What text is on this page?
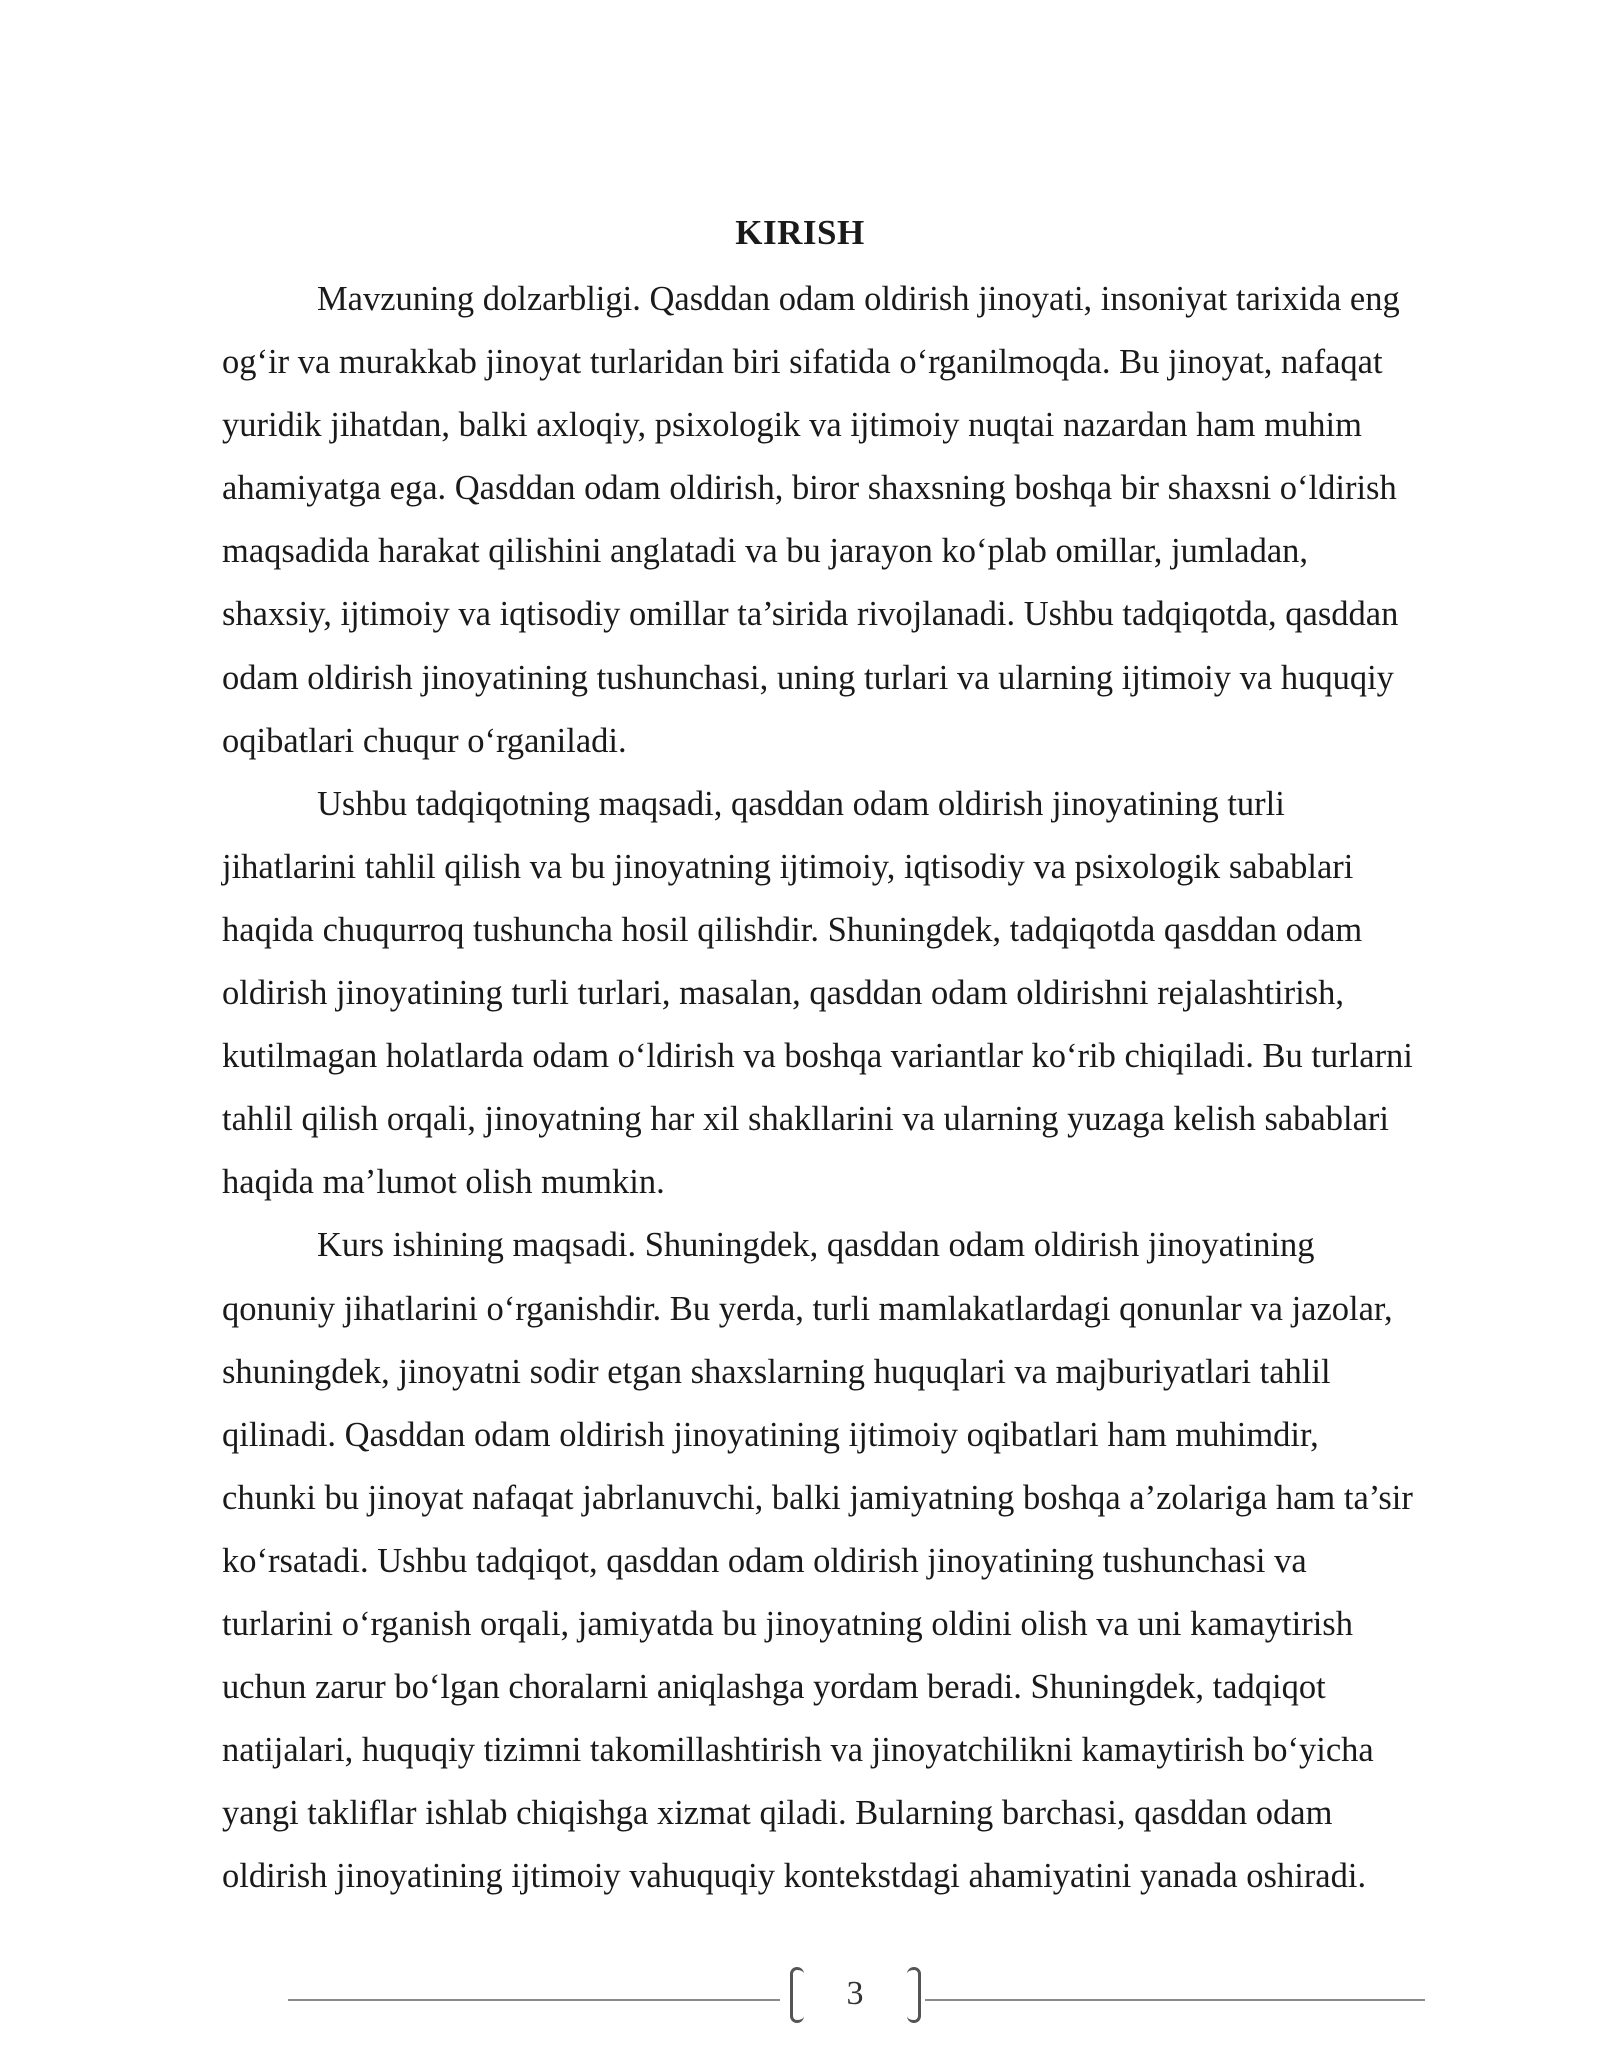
KIRISH

Mavzuning dolzarbligi. Qasddan odam oldirish jinoyati, insoniyat tarixida eng
og‘ir va murakkab jinoyat turlaridan biri sifatida o‘rganilmoqda. Bu jinoyat, nafaqat
yuridik jihatdan, balki axloqiy, psixologik va ijtimoiy nuqtai nazardan ham muhim
ahamiyatga ega. Qasddan odam oldirish, biror shaxsning boshqa bir shaxsni o‘ldirish
maqsadida harakat qilishini anglatadi va bu jarayon ko‘plab omillar, jumladan,
shaxsiy, ijtimoiy va iqtisodiy omillar ta’sirida rivojlanadi. Ushbu tadqiqotda, qasddan
odam oldirish jinoyatining tushunchasi, uning turlari va ularning ijtimoiy va huquqiy
oqibatlari chuqur o‘rganiladi.

Ushbu tadqiqotning maqsadi, qasddan odam oldirish jinoyatining turli
jihatlarini tahlil qilish va bu jinoyatning ijtimoiy, iqtisodiy va psixologik sabablari
haqida chuqurroq tushuncha hosil qilishdir. Shuningdek, tadqiqotda qasddan odam
oldirish jinoyatining turli turlari, masalan, qasddan odam oldirishni rejalashtirish,
kutilmagan holatlarda odam o‘ldirish va boshqa variantlar ko‘rib chiqiladi. Bu turlarni
tahlil qilish orqali, jinoyatning har xil shakllarini va ularning yuzaga kelish sabablari
haqida ma’lumot olish mumkin.

Kurs ishining maqsadi. Shuningdek, qasddan odam oldirish jinoyatining
qonuniy jihatlarini o‘rganishdir. Bu yerda, turli mamlakatlardagi qonunlar va jazolar,
shuningdek, jinoyatni sodir etgan shaxslarning huquqlari va majburiyatlari tahlil
qilinadi. Qasddan odam oldirish jinoyatining ijtimoiy oqibatlari ham muhimdir,
chunki bu jinoyat nafaqat jabrlanuvchi, balki jamiyatning boshqa a’zolariga ham ta’sir
ko‘rsatadi. Ushbu tadqiqot, qasddan odam oldirish jinoyatining tushunchasi va
turlarini o‘rganish orqali, jamiyatda bu jinoyatning oldini olish va uni kamaytirish
uchun zarur bo‘lgan choralarni aniqlashga yordam beradi. Shuningdek, tadqiqot
natijalari, huquqiy tizimni takomillashtirish va jinoyatchilikni kamaytirish bo‘yicha
yangi takliflar ishlab chiqishga xizmat qiladi. Bularning barchasi, qasddan odam
oldirish jinoyatining ijtimoiy vahuquqiy kontekstdagi ahamiyatini yanada oshiradi.

3
